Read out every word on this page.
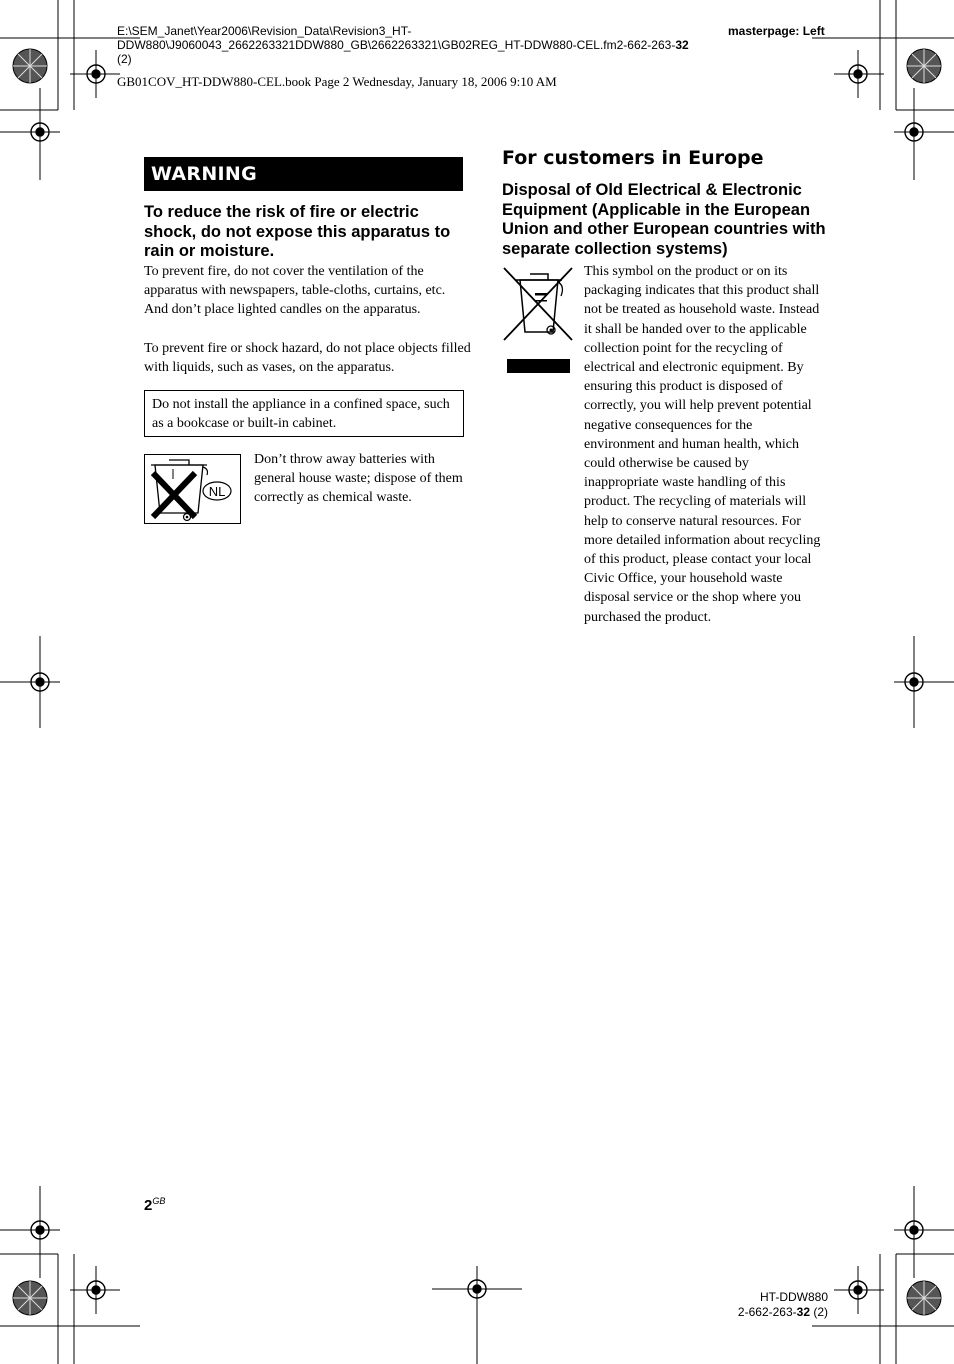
E:\SEM_Janet\Year2006\Revision_Data\Revision3_HT-DDW880\J9060043_2662263321DDW880_GB\2662263321\GB02REG_HT-DDW880-CEL.fm2-662-263-32 (2)
GB01COV_HT-DDW880-CEL.book Page 2 Wednesday, January 18, 2006 9:10 AM
masterpage: Left
WARNING
To reduce the risk of fire or electric shock, do not expose this apparatus to rain or moisture.
To prevent fire, do not cover the ventilation of the apparatus with newspapers, table-cloths, curtains, etc. And don’t place lighted candles on the apparatus.
To prevent fire or shock hazard, do not place objects filled with liquids, such as vases, on the apparatus.
Do not install the appliance in a confined space, such as a bookcase or built-in cabinet.
NL
Don’t throw away batteries with general house waste; dispose of them correctly as chemical waste.
For customers in Europe
Disposal of Old Electrical & Electronic Equipment (Applicable in the European Union and other European countries with separate collection systems)
This symbol on the product or on its packaging indicates that this product shall not be treated as household waste. Instead it shall be handed over to the applicable collection point for the recycling of electrical and electronic equipment. By ensuring this product is disposed of correctly, you will help prevent potential negative consequences for the environment and human health, which could otherwise be caused by inappropriate waste handling of this product. The recycling of materials will help to conserve natural resources. For more detailed information about recycling of this product, please contact your local Civic Office, your household waste disposal service or the shop where you purchased the product.
$2^{GB}$
HT-DDW880
2-662-263-32 (2)
